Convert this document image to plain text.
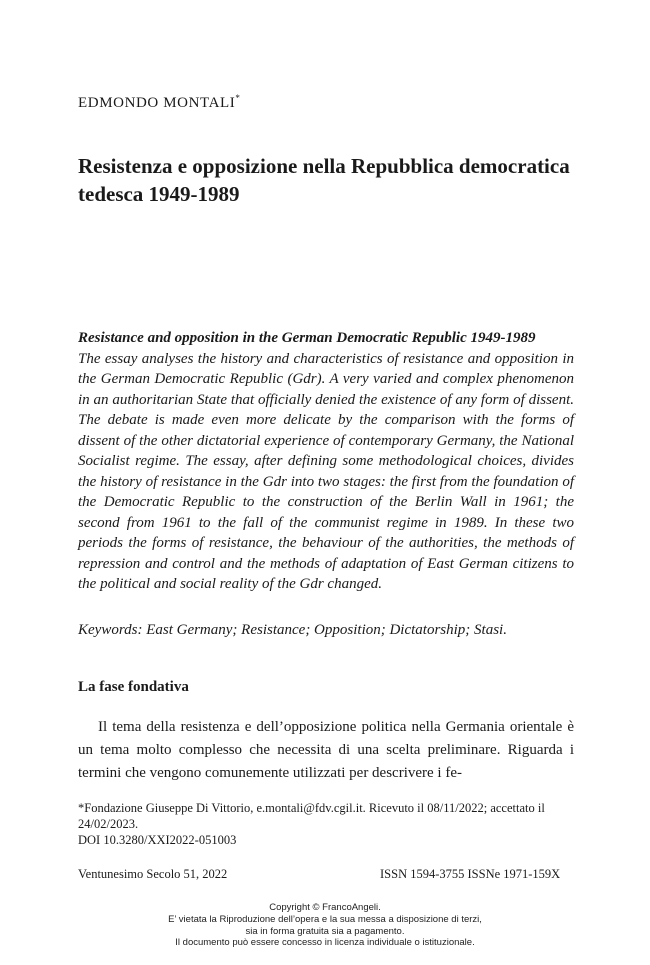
EDMONDO MONTALI*
Resistenza e opposizione nella Repubblica democratica tedesca 1949-1989
Resistance and opposition in the German Democratic Republic 1949-1989
The essay analyses the history and characteristics of resistance and opposition in the German Democratic Republic (Gdr). A very varied and complex phenomenon in an authoritarian State that officially denied the existence of any form of dissent. The debate is made even more delicate by the comparison with the forms of dissent of the other dictatorial experience of contemporary Germany, the National Socialist regime. The essay, after defining some methodological choices, divides the history of resistance in the Gdr into two stages: the first from the foundation of the Democratic Republic to the construction of the Berlin Wall in 1961; the second from 1961 to the fall of the communist regime in 1989. In these two periods the forms of resistance, the behaviour of the authorities, the methods of repression and control and the methods of adaptation of East German citizens to the political and social reality of the Gdr changed.
Keywords: East Germany; Resistance; Opposition; Dictatorship; Stasi.
La fase fondativa
Il tema della resistenza e dell’opposizione politica nella Germania orientale è un tema molto complesso che necessita di una scelta preliminare. Riguarda i termini che vengono comunemente utilizzati per descrivere i fe-
*Fondazione Giuseppe Di Vittorio, e.montali@fdv.cgil.it. Ricevuto il 08/11/2022; accettato il 24/02/2023.
DOI 10.3280/XXI2022-051003
Ventunesimo Secolo 51, 2022	ISSN 1594-3755 ISSNe 1971-159X
Copyright © FrancoAngeli.
E’ vietata la Riproduzione dell’opera e la sua messa a disposizione di terzi,
sia in forma gratuita sia a pagamento.
Il documento può essere concesso in licenza individuale o istituzionale.
